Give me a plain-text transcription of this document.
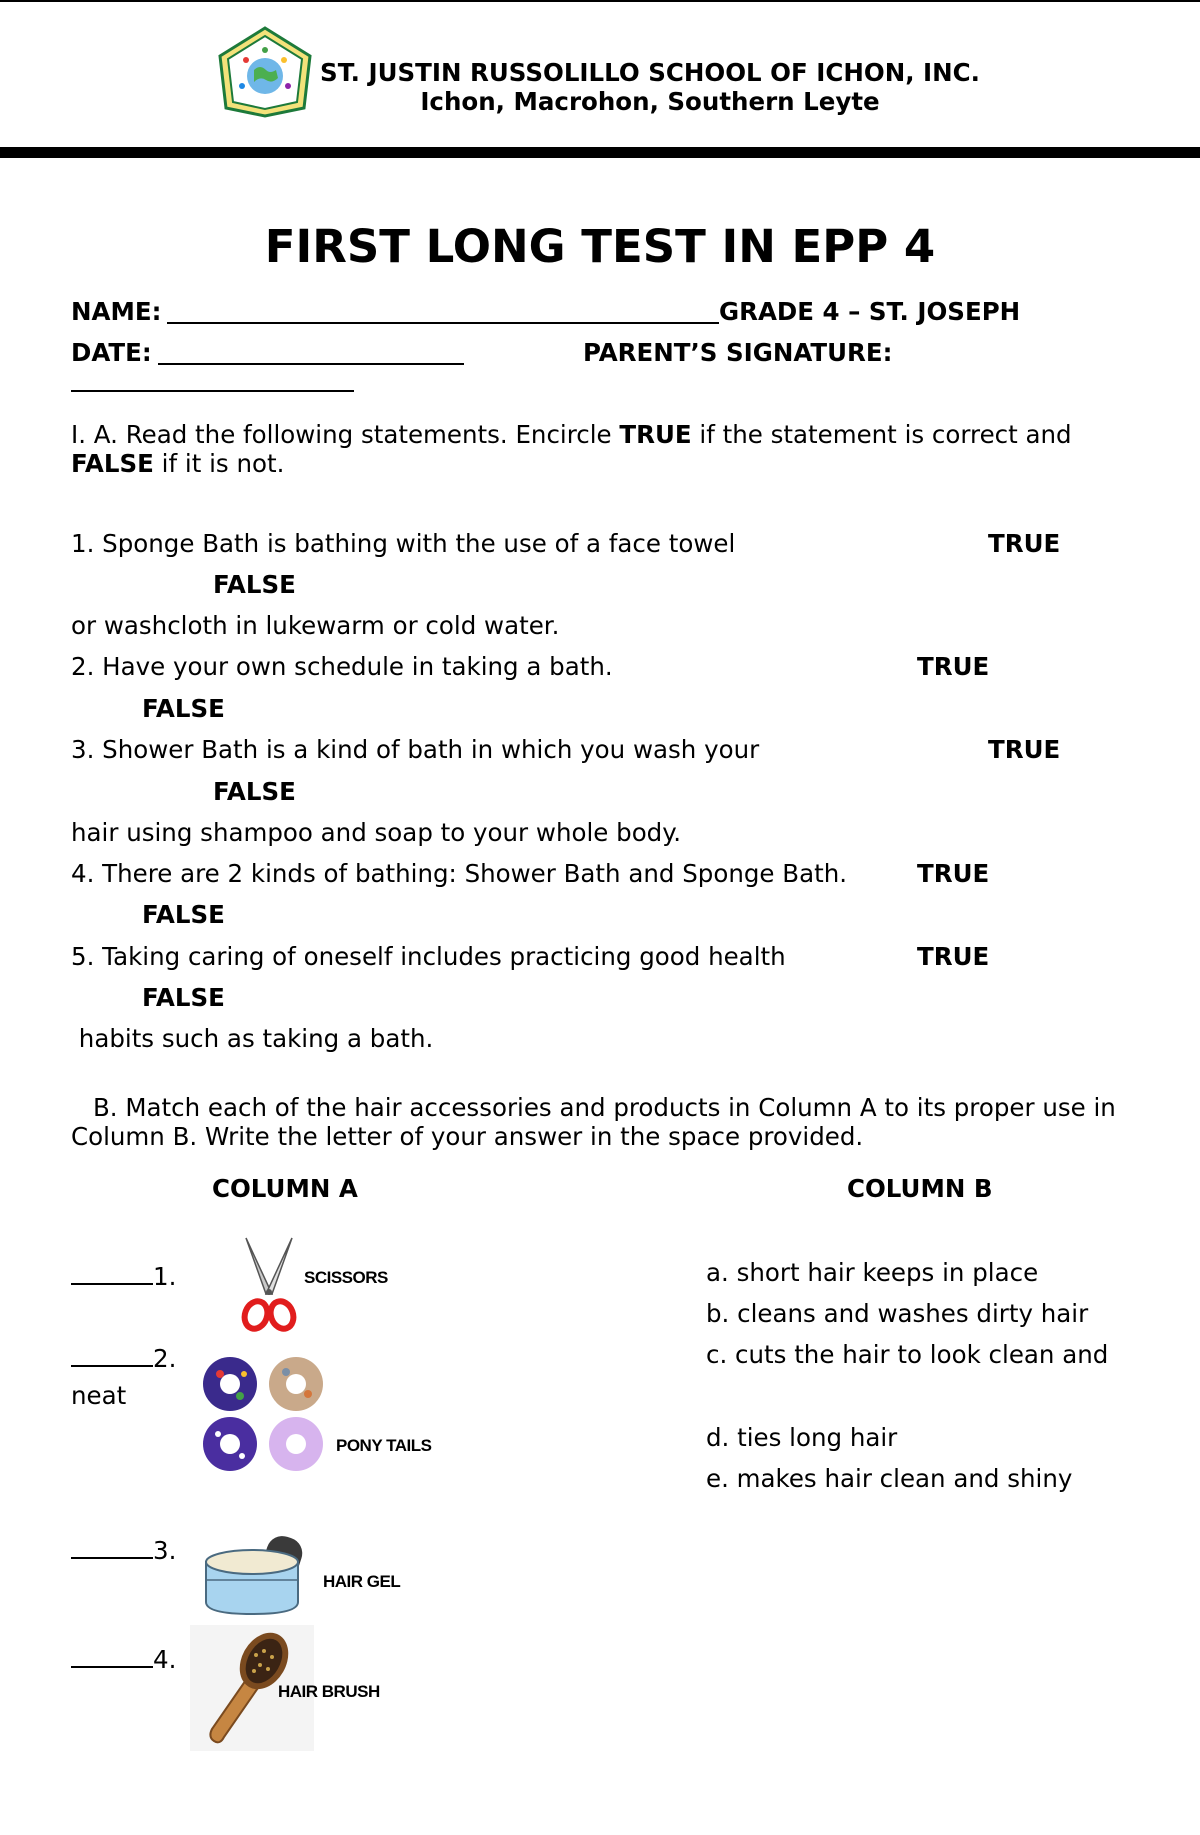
ST. JUSTIN RUSSOLILLO SCHOOL OF ICHON, INC.
Ichon, Macrohon, Southern Leyte
FIRST LONG TEST IN EPP 4
NAME:	GRADE 4 – ST. JOSEPH
DATE:	PARENT’S SIGNATURE:
I. A. Read the following statements. Encircle TRUE if the statement is correct and FALSE if it is not.
1. Sponge Bath is bathing with the use of a face towel	TRUE
FALSE
or washcloth in lukewarm or cold water.
2. Have your own schedule in taking a bath.	TRUE
FALSE
3. Shower Bath is a kind of bath in which you wash your	TRUE
FALSE
hair using shampoo and soap to your whole body.
4. There are 2 kinds of bathing: Shower Bath and Sponge Bath.	TRUE
FALSE
5. Taking caring of oneself includes practicing good health	TRUE
FALSE
habits such as taking a bath.
B. Match each of the hair accessories and products in Column A to its proper use in Column B. Write the letter of your answer in the space provided.
COLUMN A	COLUMN B
1.	SCISSORS
2.
neat
PONY TAILS
3.
HAIR GEL
4.
HAIR BRUSH
a. short hair keeps in place
b. cleans and washes dirty hair
c. cuts the hair to look clean and
d. ties long hair
e. makes hair clean and shiny
